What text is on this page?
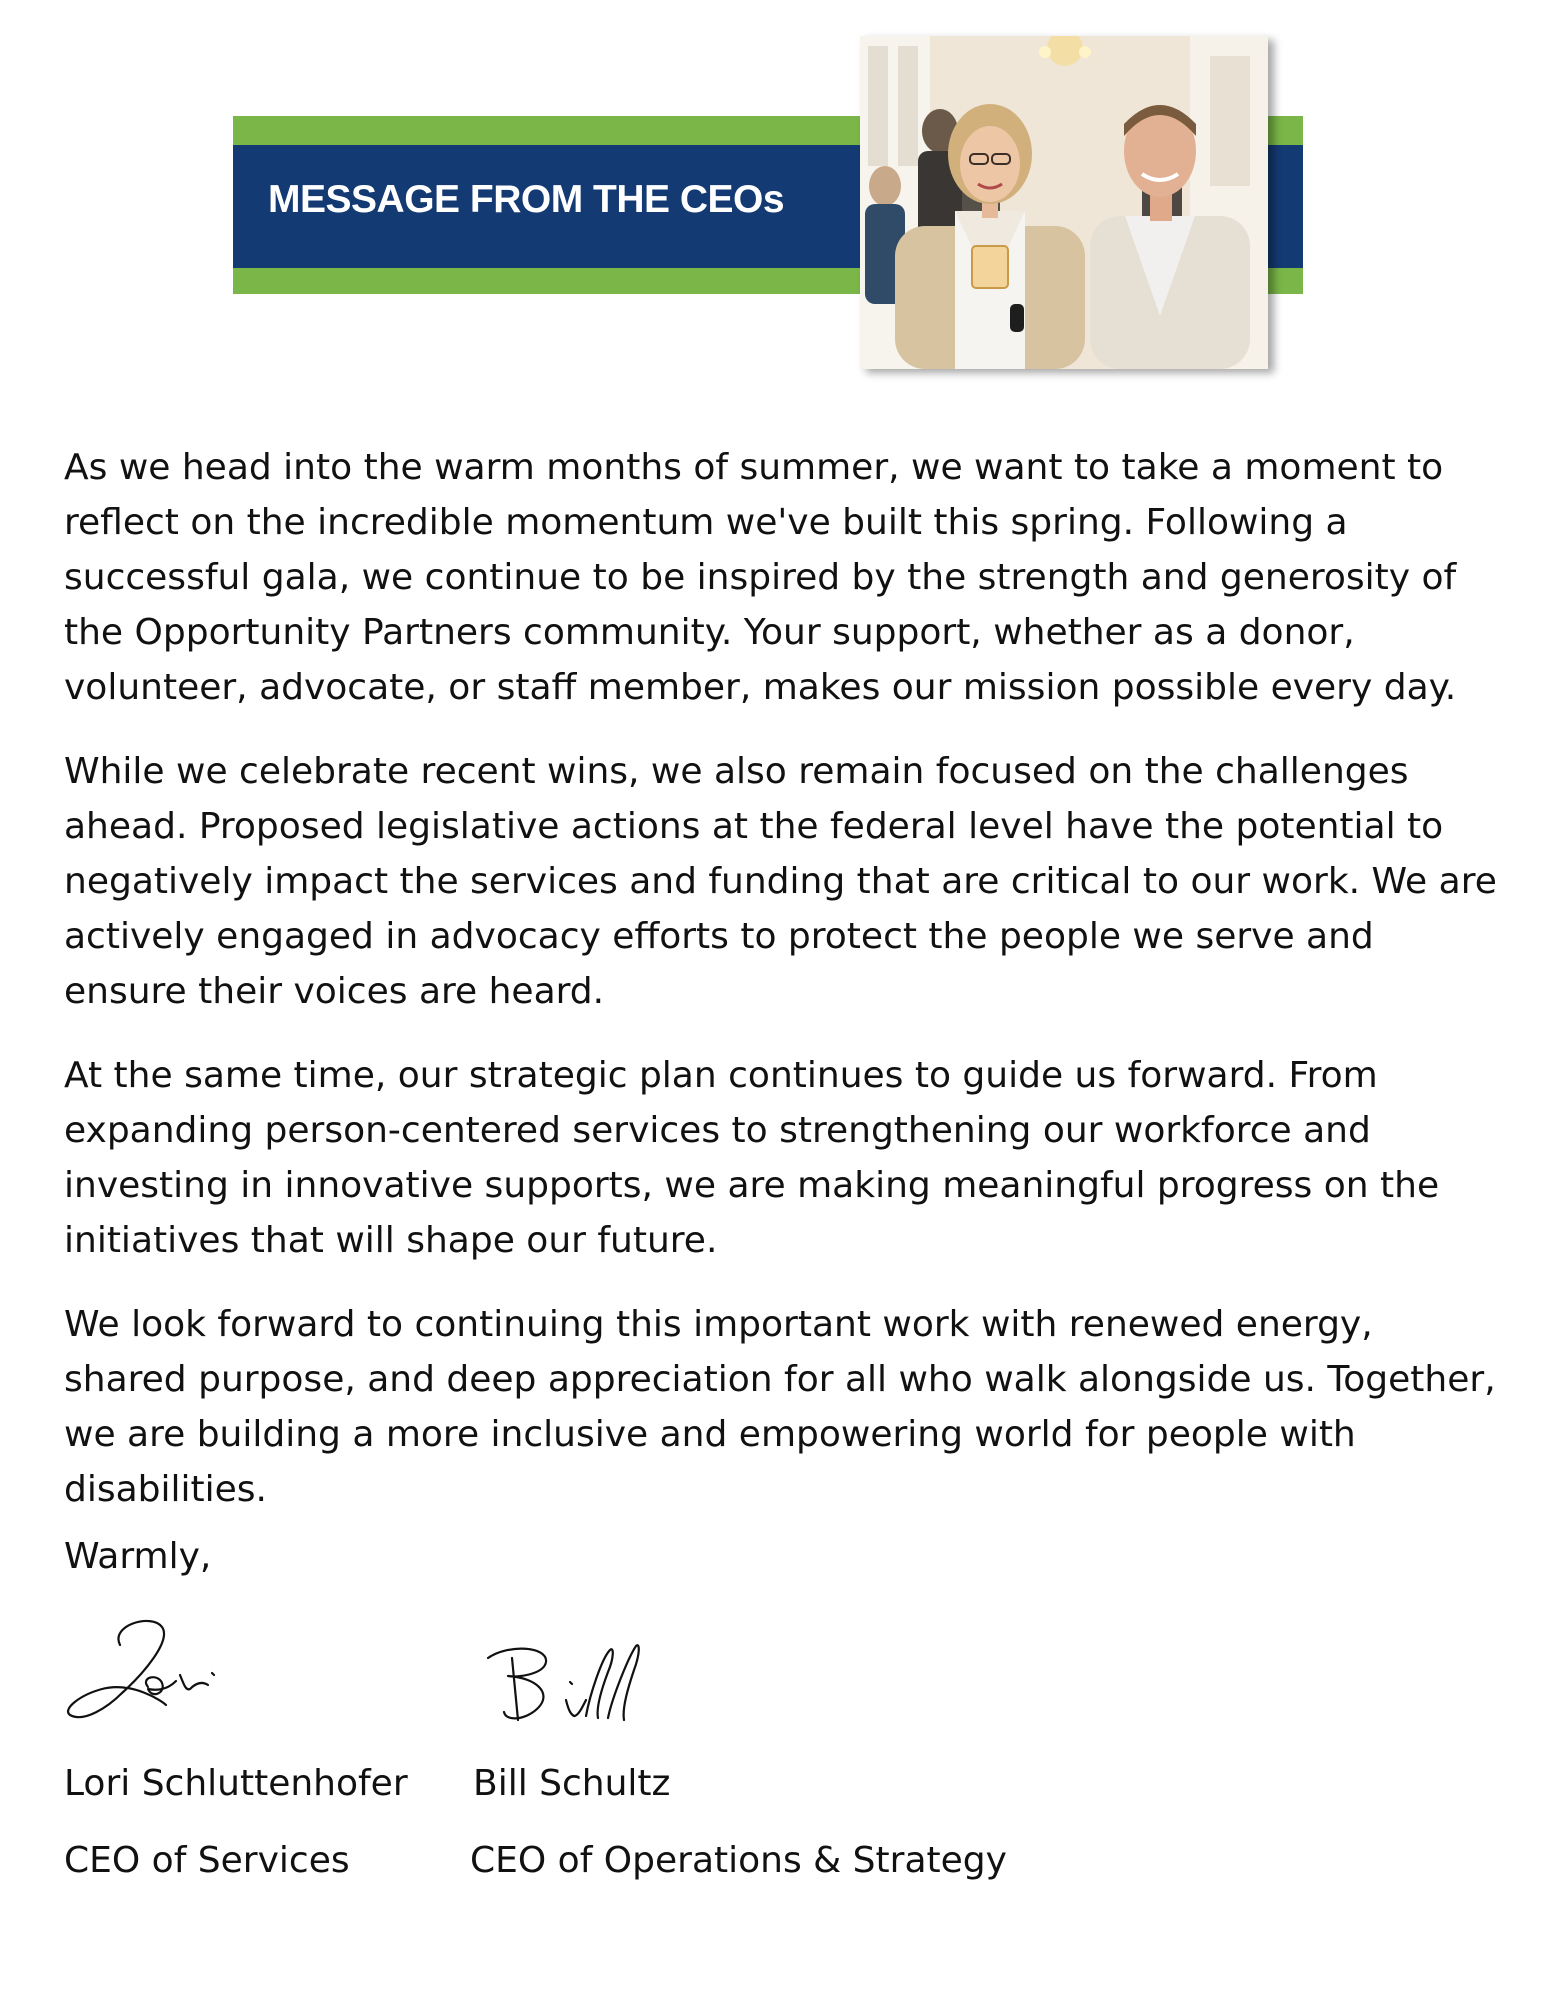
MESSAGE FROM THE CEOs

As we head into the warm months of summer, we want to take a moment to reflect on the incredible momentum we've built this spring. Following a successful gala, we continue to be inspired by the strength and generosity of the Opportunity Partners community. Your support, whether as a donor, volunteer, advocate, or staff member, makes our mission possible every day.

While we celebrate recent wins, we also remain focused on the challenges ahead. Proposed legislative actions at the federal level have the potential to negatively impact the services and funding that are critical to our work. We are actively engaged in advocacy efforts to protect the people we serve and ensure their voices are heard.

At the same time, our strategic plan continues to guide us forward. From expanding person-centered services to strengthening our workforce and investing in innovative supports, we are making meaningful progress on the initiatives that will shape our future.

We look forward to continuing this important work with renewed energy, shared purpose, and deep appreciation for all who walk alongside us. Together, we are building a more inclusive and empowering world for people with disabilities.

Warmly,
Lori Schluttenhofer Bill Schultz
CEO of Services	CEO of Operations & Strategy
